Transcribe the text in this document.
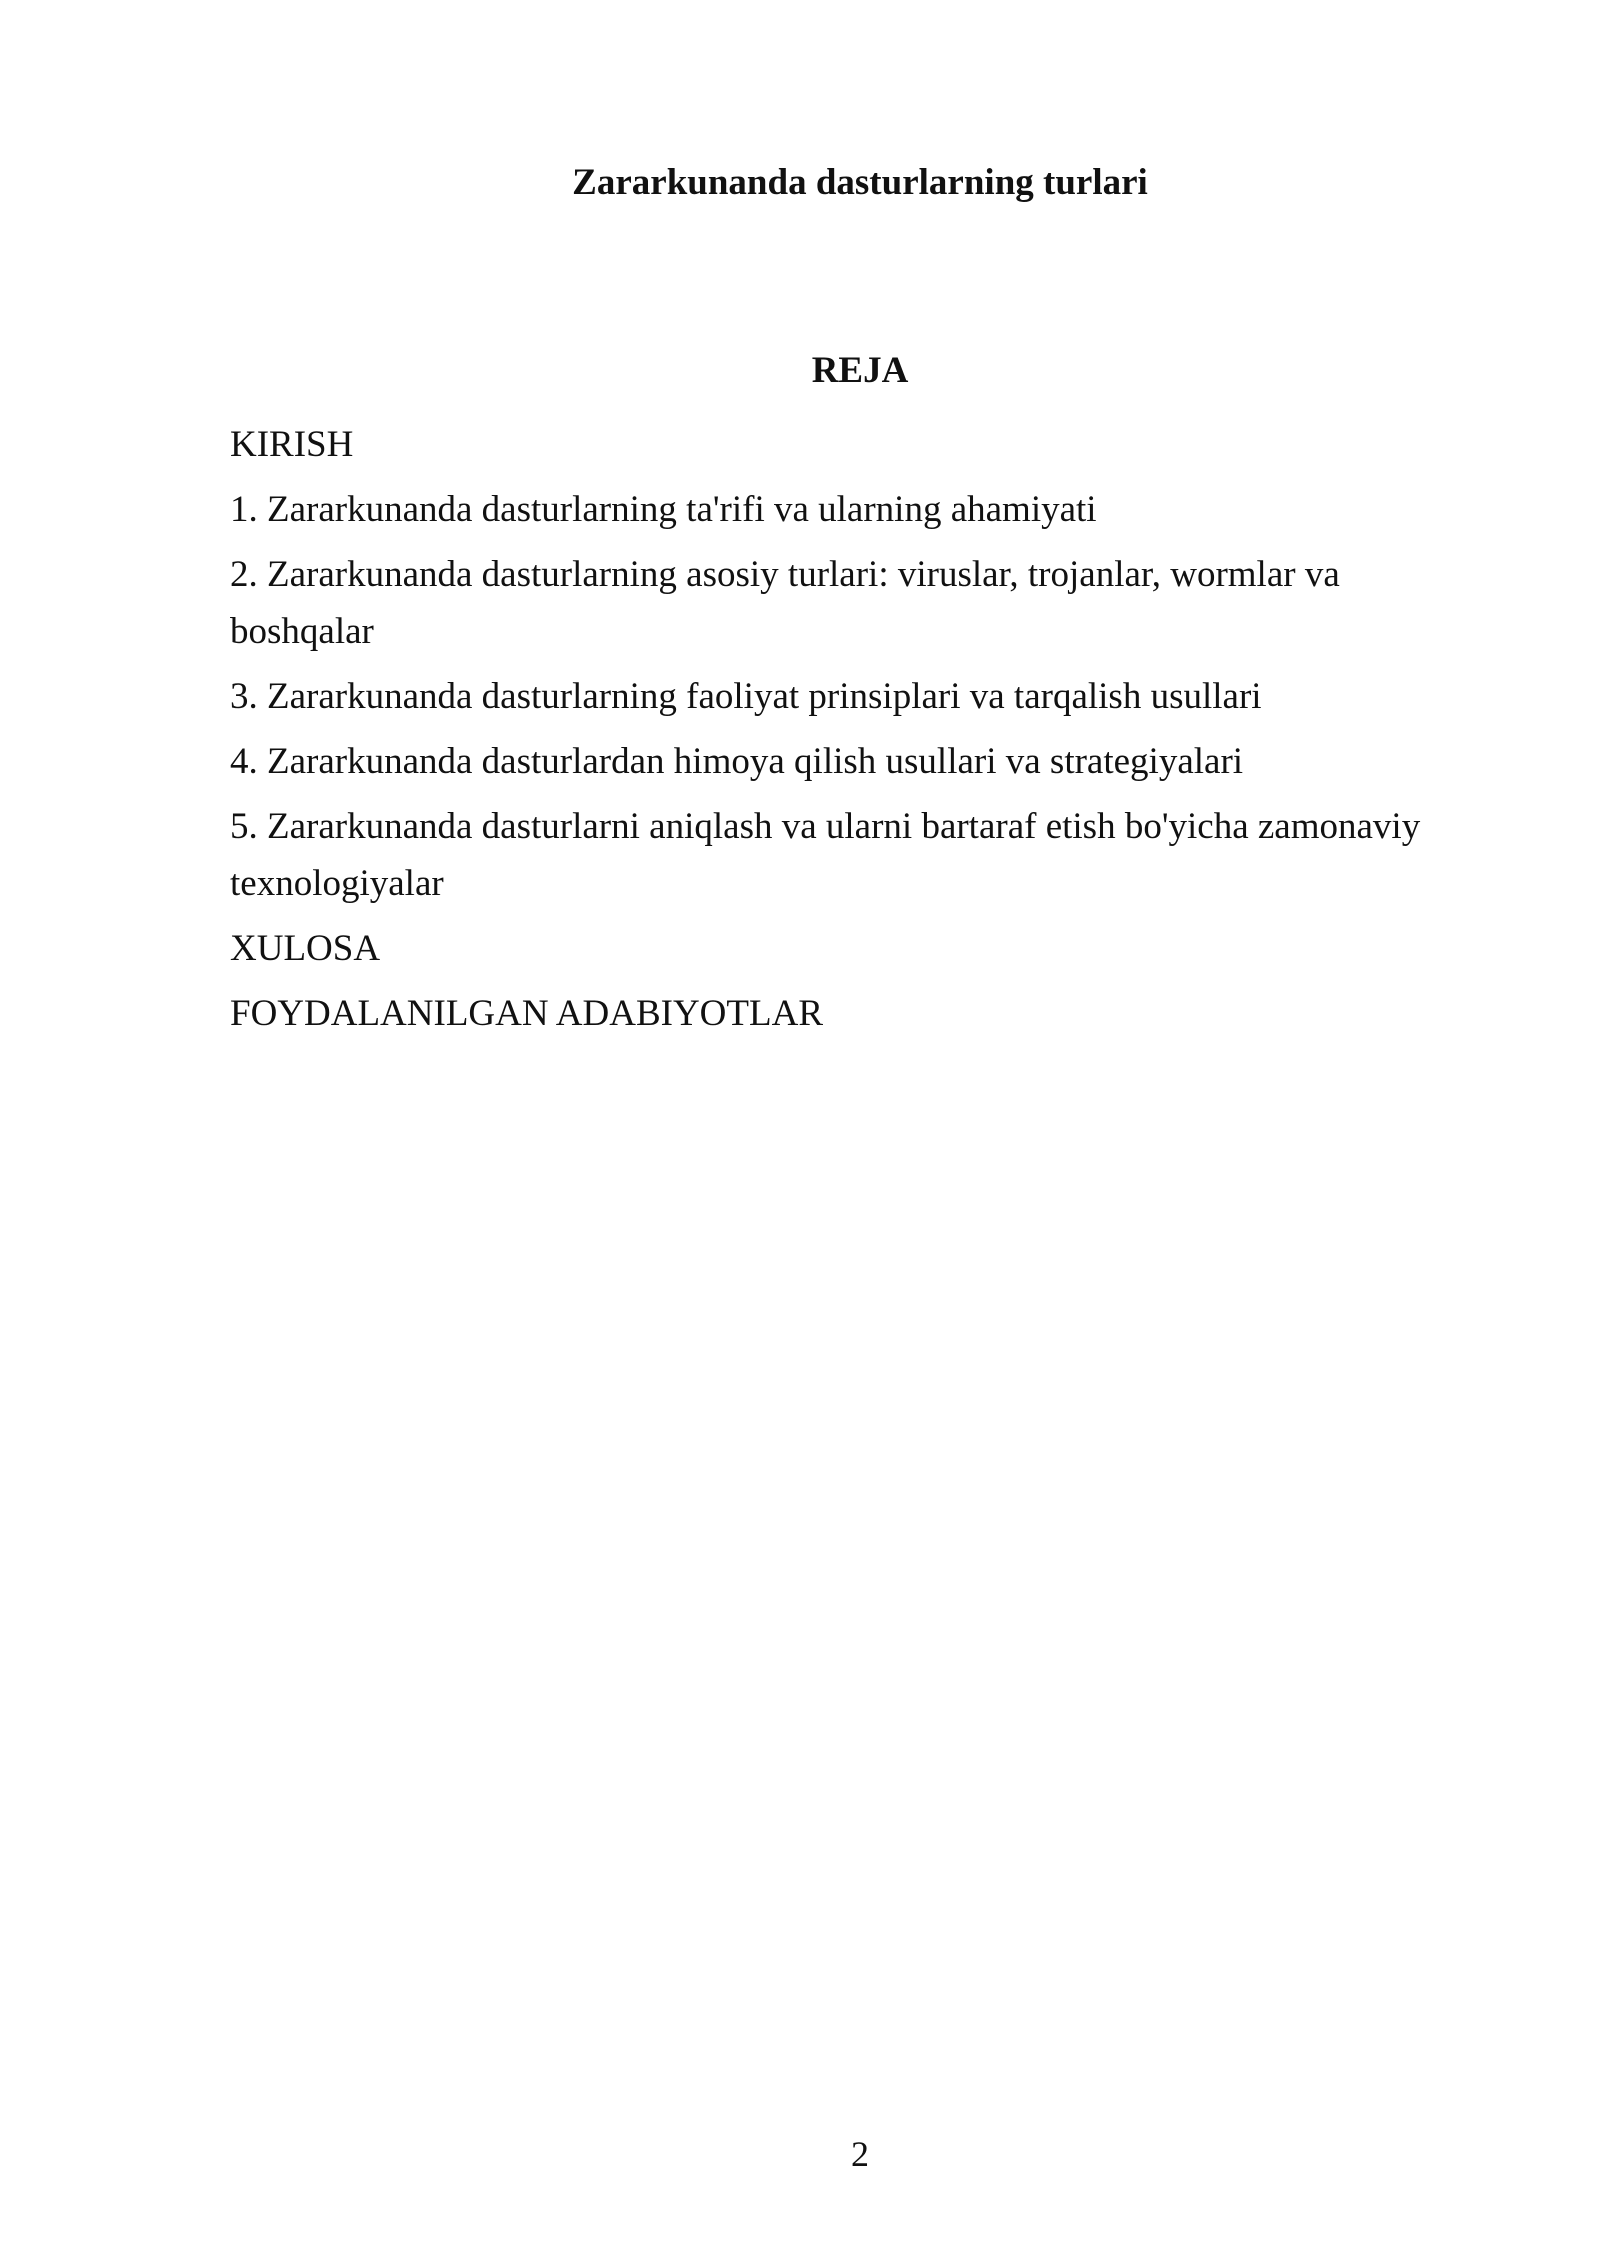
Zararkunanda dasturlarning turlari
REJA
KIRISH
1. Zararkunanda dasturlarning ta'rifi va ularning ahamiyati
2. Zararkunanda dasturlarning asosiy turlari: viruslar, trojanlar, wormlar va boshqalar
3. Zararkunanda dasturlarning faoliyat prinsiplari va tarqalish usullari
4. Zararkunanda dasturlardan himoya qilish usullari va strategiyalari
5. Zararkunanda dasturlarni aniqlash va ularni bartaraf etish bo'yicha zamonaviy texnologiyalar
XULOSA
FOYDALANILGAN ADABIYOTLAR
2
